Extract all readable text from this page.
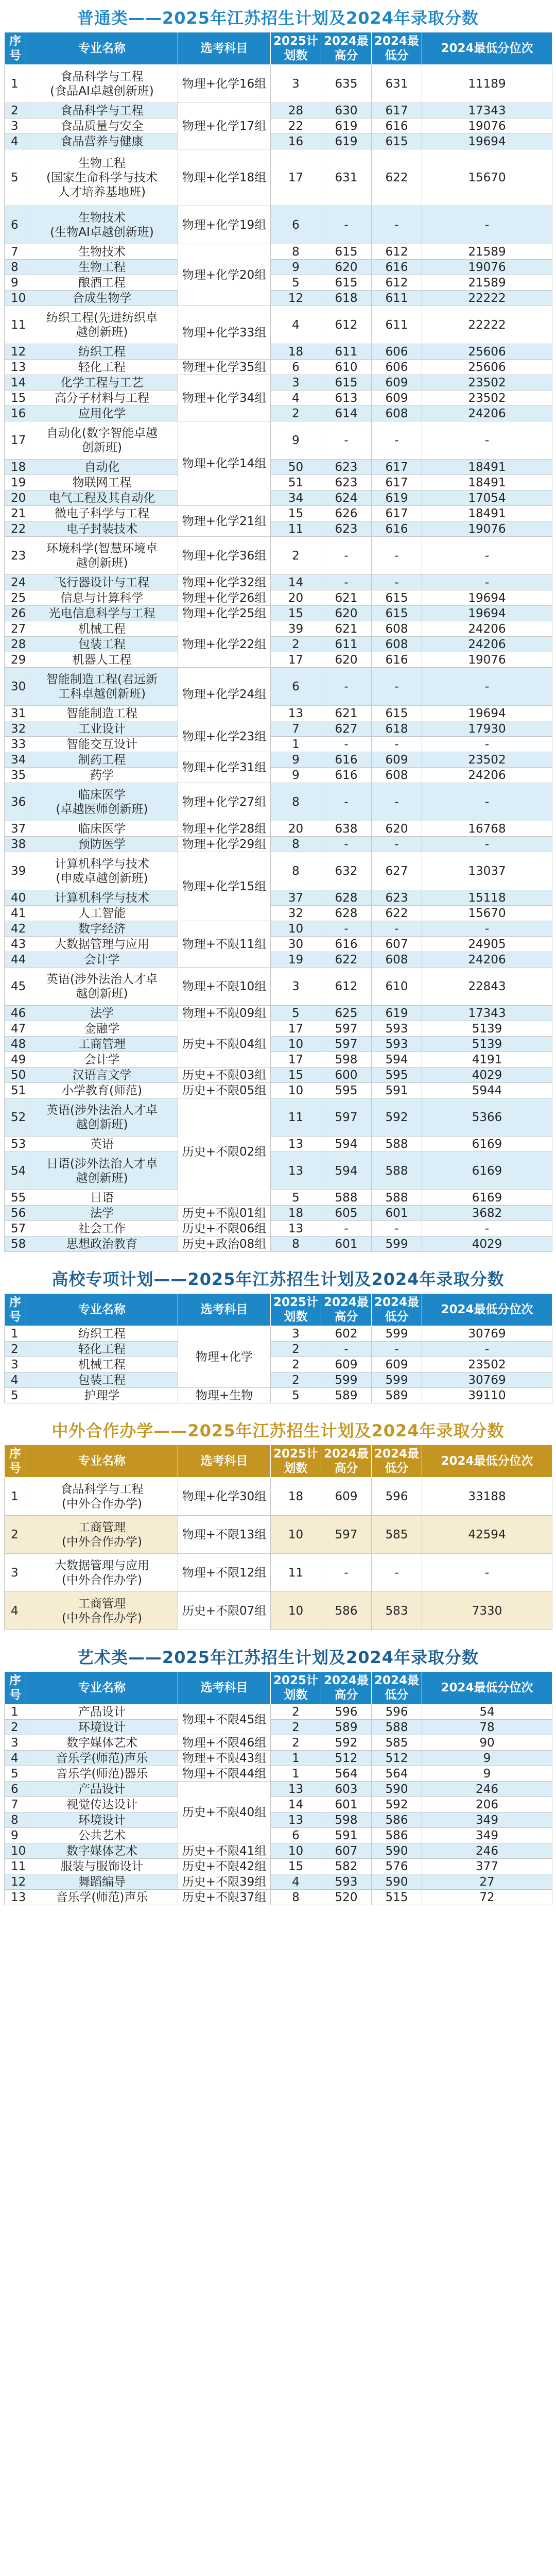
普通类——2025年江苏招生计划及2024年录取分数
序号	专业名称	选考科目	2025计划数	2024最高分	2024最低分	2024最低分位次
1	食品科学与工程
(食品AI卓越创新班)	物理+化学16组	3	635	631	11189
2	食品科学与工程	物理+化学17组	28	630	617	17343
3	食品质量与安全		22	619	616	19076
4	食品营养与健康		16	619	615	19694
5	生物工程
(国家生命科学与技术
人才培养基地班)	物理+化学18组	17	631	622	15670
6	生物技术
(生物AI卓越创新班)	物理+化学19组	6	-	-	-
7	生物技术	物理+化学20组	8	615	612	21589
8	生物工程		9	620	616	19076
9	酿酒工程		5	615	612	21589
10	合成生物学		12	618	611	22222
11	纺织工程(先进纺织卓
越创新班)	物理+化学33组	4	612	611	22222
12	纺织工程		18	611	606	25606
13	轻化工程	物理+化学35组	6	610	606	25606
14	化学工程与工艺	物理+化学34组	3	615	609	23502
15	高分子材料与工程		4	613	609	23502
16	应用化学		2	614	608	24206
17	自动化(数字智能卓越
创新班)	物理+化学14组	9	-	-	-
18	自动化		50	623	617	18491
19	物联网工程		51	623	617	18491
20	电气工程及其自动化		34	624	619	17054
21	微电子科学与工程	物理+化学21组	15	626	617	18491
22	电子封装技术		11	623	616	19076
23	环境科学(智慧环境卓
越创新班)	物理+化学36组	2	-	-	-
24	飞行器设计与工程	物理+化学32组	14	-	-	-
25	信息与计算科学	物理+化学26组	20	621	615	19694
26	光电信息科学与工程	物理+化学25组	15	620	615	19694
27	机械工程	物理+化学22组	39	621	608	24206
28	包装工程		2	611	608	24206
29	机器人工程		17	620	616	19076
30	智能制造工程(君远新
工科卓越创新班)	物理+化学24组	6	-	-	-
31	智能制造工程		13	621	615	19694
32	工业设计	物理+化学23组	7	627	618	17930
33	智能交互设计		1	-	-	-
34	制药工程	物理+化学31组	9	616	609	23502
35	药学		9	616	608	24206
36	临床医学
(卓越医师创新班)	物理+化学27组	8	-	-	-
37	临床医学	物理+化学28组	20	638	620	16768
38	预防医学	物理+化学29组	8	-	-	-
39	计算机科学与技术
(申威卓越创新班)	物理+化学15组	8	632	627	13037
40	计算机科学与技术		37	628	623	15118
41	人工智能		32	628	622	15670
42	数字经济	物理+不限11组	10	-	-	-
43	大数据管理与应用		30	616	607	24905
44	会计学		19	622	608	24206
45	英语(涉外法治人才卓
越创新班)	物理+不限10组	3	612	610	22843
46	法学	物理+不限09组	5	625	619	17343
47	金融学	历史+不限04组	17	597	593	5139
48	工商管理		10	597	593	5139
49	会计学		17	598	594	4191
50	汉语言文学	历史+不限03组	15	600	595	4029
51	小学教育(师范)	历史+不限05组	10	595	591	5944
52	英语(涉外法治人才卓
越创新班)	历史+不限02组	11	597	592	5366
53	英语		13	594	588	6169
54	日语(涉外法治人才卓
越创新班)		13	594	588	6169
55	日语		5	588	588	6169
56	法学	历史+不限01组	18	605	601	3682
57	社会工作	历史+不限06组	13	-	-	-
58	思想政治教育	历史+政治08组	8	601	599	4029
高校专项计划——2025年江苏招生计划及2024年录取分数
序号	专业名称	选考科目	2025计划数	2024最高分	2024最低分	2024最低分位次
1	纺织工程	物理+化学	3	602	599	30769
2	轻化工程		2	-	-	-
3	机械工程		2	609	609	23502
4	包装工程		2	599	599	30769
5	护理学	物理+生物	5	589	589	39110
中外合作办学——2025年江苏招生计划及2024年录取分数
序号	专业名称	选考科目	2025计划数	2024最高分	2024最低分	2024最低分位次
1	食品科学与工程
(中外合作办学)	物理+化学30组	18	609	596	33188
2	工商管理
(中外合作办学)	物理+不限13组	10	597	585	42594
3	大数据管理与应用
(中外合作办学)	物理+不限12组	11	-	-	-
4	工商管理
(中外合作办学)	历史+不限07组	10	586	583	7330
艺术类——2025年江苏招生计划及2024年录取分数
序号	专业名称	选考科目	2025计划数	2024最高分	2024最低分	2024最低分位次
1	产品设计	物理+不限45组	2	596	596	54
2	环境设计		2	589	588	78
3	数字媒体艺术	物理+不限46组	2	592	585	90
4	音乐学(师范)声乐	物理+不限43组	1	512	512	9
5	音乐学(师范)器乐	物理+不限44组	1	564	564	9
6	产品设计	历史+不限40组	13	603	590	246
7	视觉传达设计		14	601	592	206
8	环境设计		13	598	586	349
9	公共艺术		6	591	586	349
10	数字媒体艺术	历史+不限41组	10	607	590	246
11	服装与服饰设计	历史+不限42组	15	582	576	377
12	舞蹈编导	历史+不限39组	4	593	590	27
13	音乐学(师范)声乐	历史+不限37组	8	520	515	72
